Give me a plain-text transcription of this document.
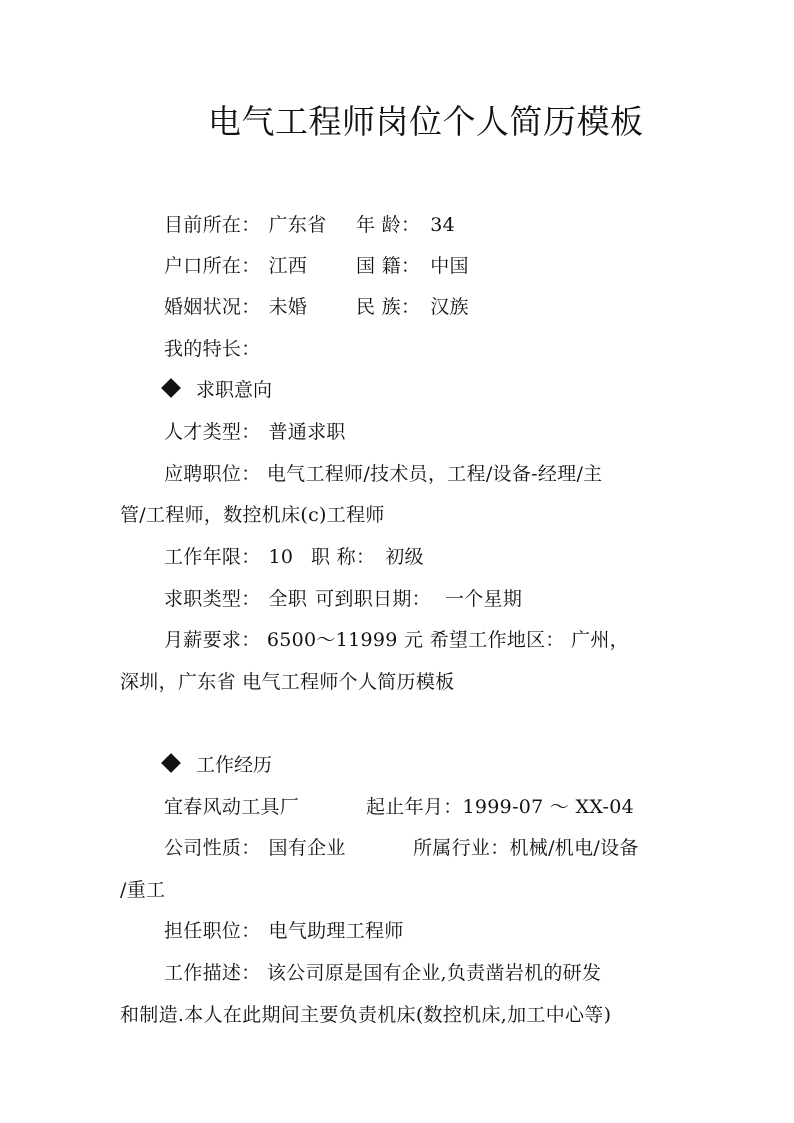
电气工程师岗位个人简历模板
目前所在： 广东省 年 龄： 34
户口所在： 江西	国 籍： 中国
婚姻状况： 未婚	民 族： 汉族
我的特长：
求职意向
人才类型： 普通求职
应聘职位： 电气工程师/技术员，工程/设备-经理/主
管/工程师，数控机床(c)工程师
工作年限： 10 职 称： 初级
求职类型： 全职 可到职日期： 一个星期
月薪要求： 6500～11999 元 希望工作地区： 广州，
深圳，广东省 电气工程师个人简历模板
工作经历
宜春风动工具厂	起止年月：1999-07 ～ XX-04
公司性质： 国有企业	所属行业：机械/机电/设备
/重工
担任职位： 电气助理工程师
工作描述： 该公司原是国有企业,负责凿岩机的研发
和制造.本人在此期间主要负责机床(数控机床,加工中心等)
